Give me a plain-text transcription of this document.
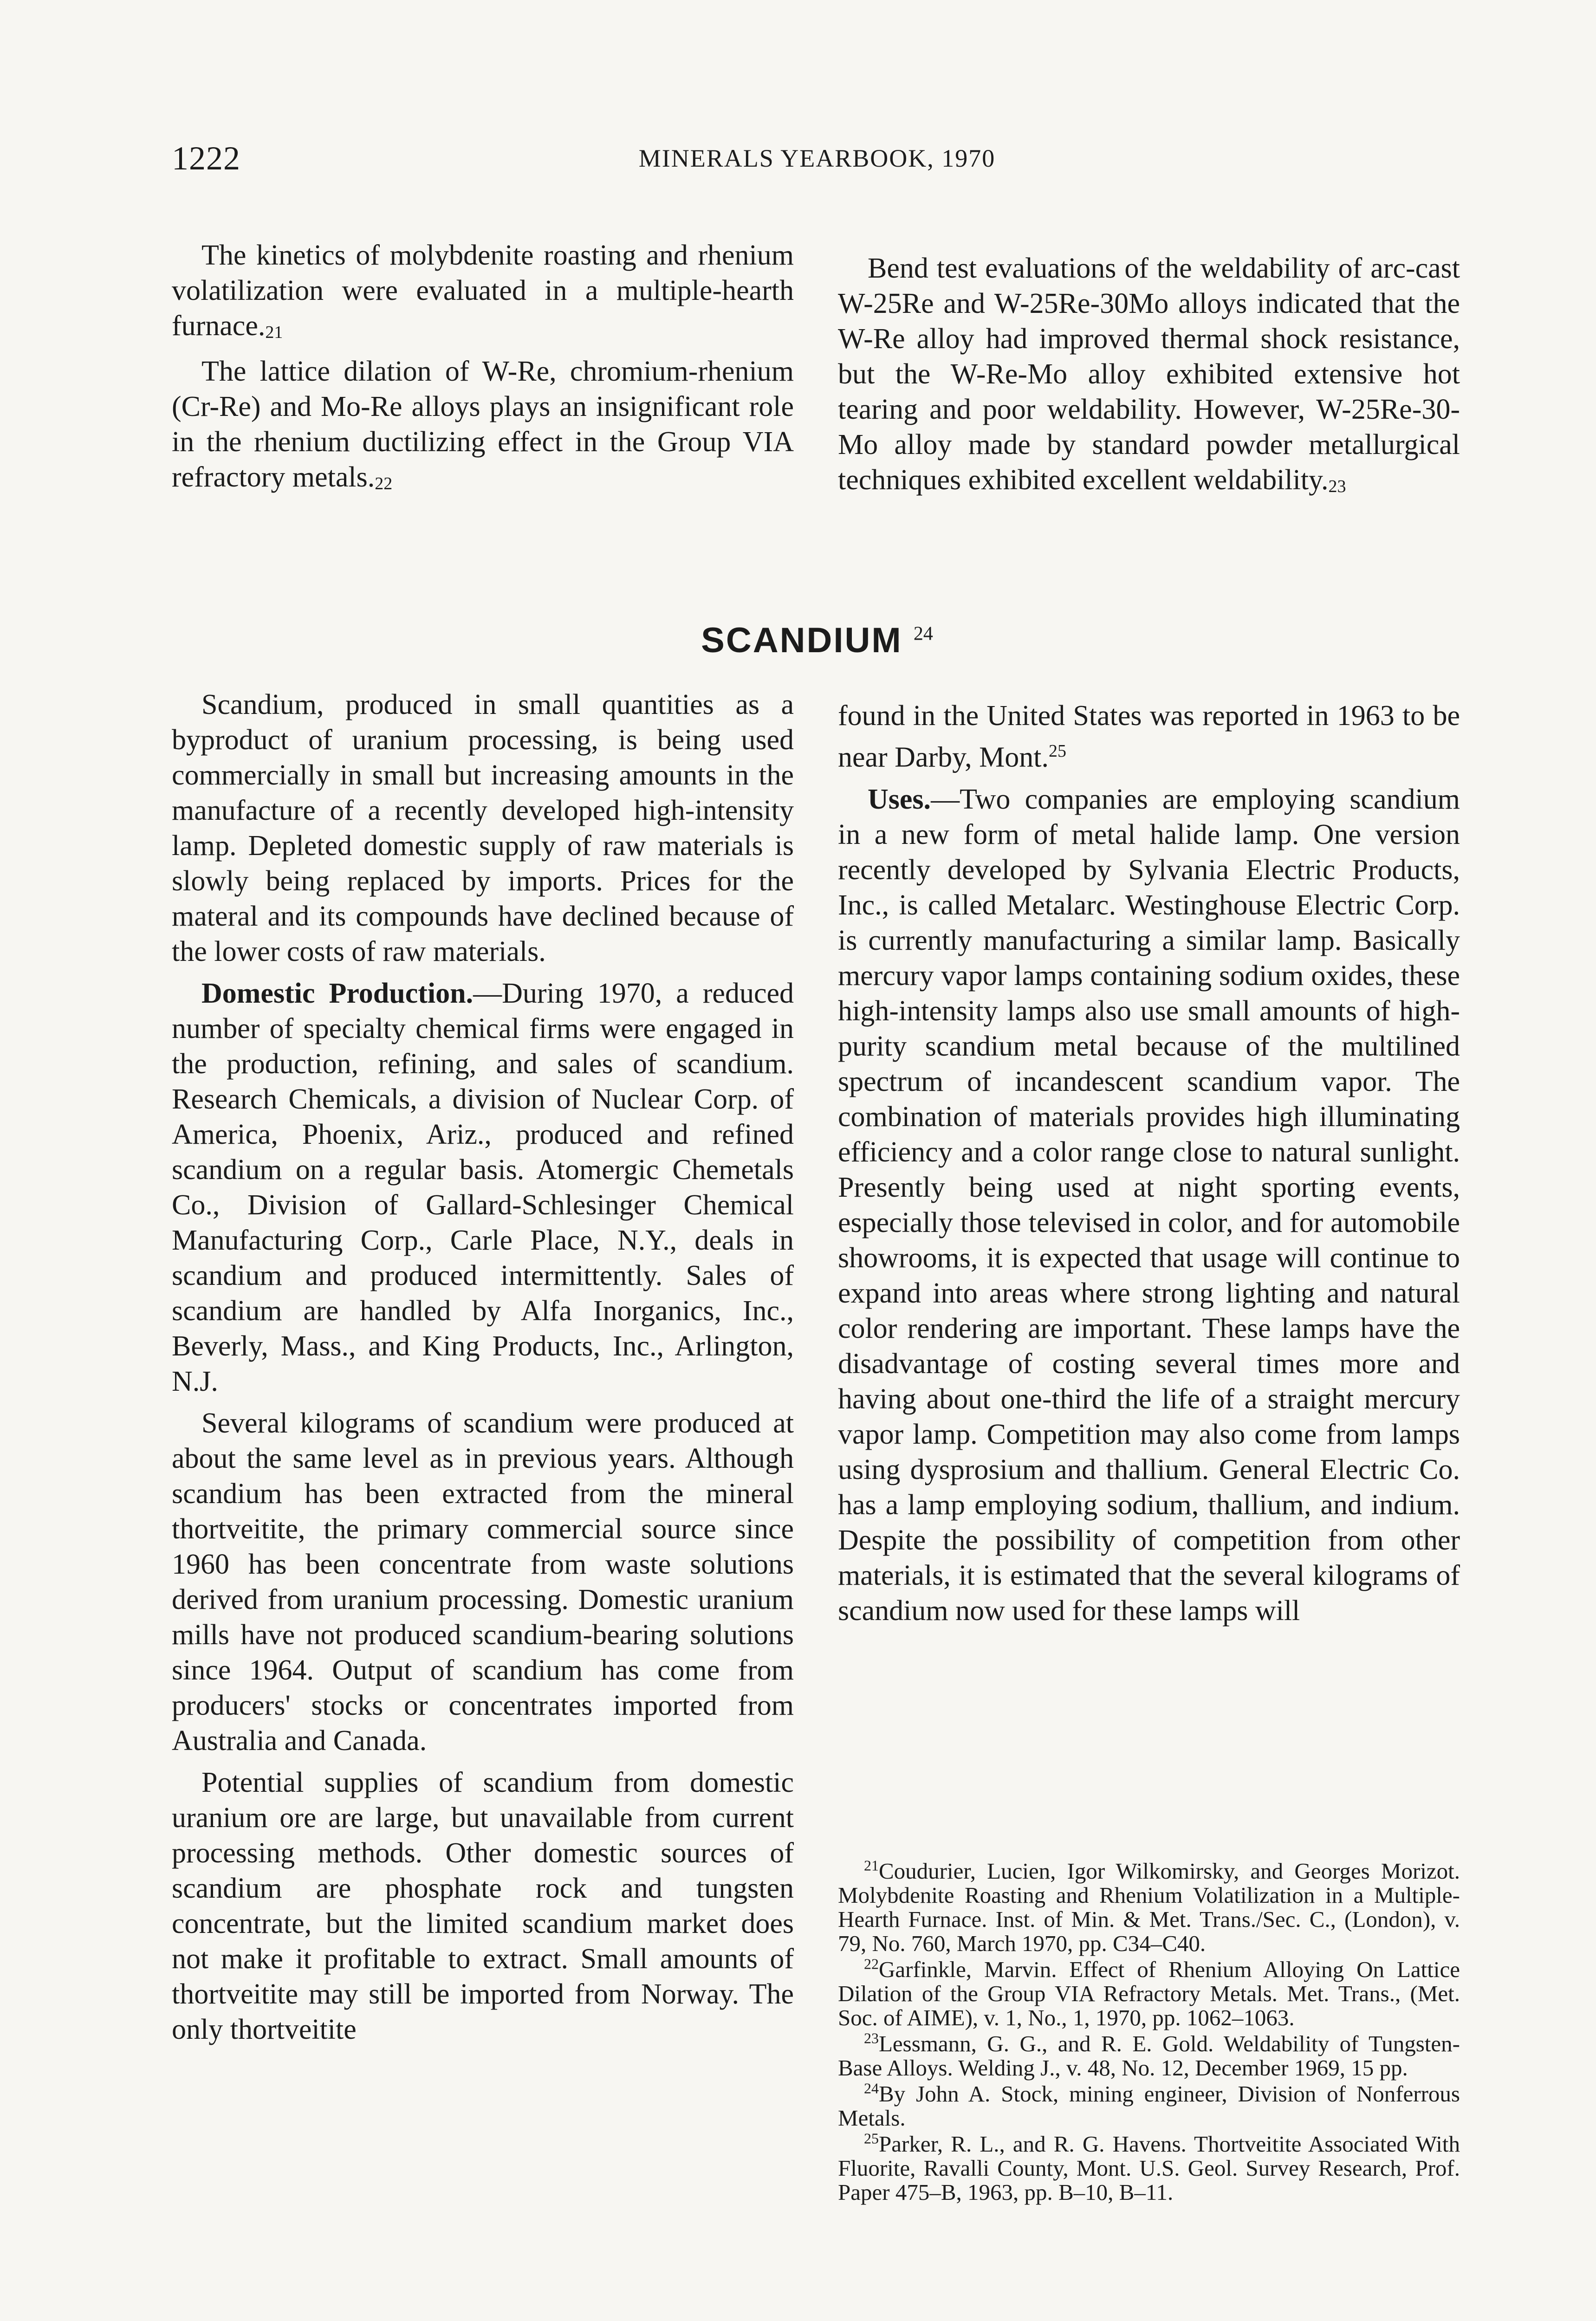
1222	MINERALS YEARBOOK, 1970

The kinetics of molybdenite roasting and rhenium volatilization were evaluated in a multiple-hearth furnace.21

The lattice dilation of W-Re, chromium-rhenium (Cr-Re) and Mo-Re alloys plays an insignificant role in the rhenium ductilizing effect in the Group VIA refractory metals.22

Bend test evaluations of the weldability of arc-cast W-25Re and W-25Re-30Mo alloys indicated that the W-Re alloy had improved thermal shock resistance, but the W-Re-Mo alloy exhibited extensive hot tearing and poor weldability. However, W-25Re-30-Mo alloy made by standard powder metallurgical techniques exhibited excellent weldability.23

SCANDIUM $^{24}$

Scandium, produced in small quantities as a byproduct of uranium processing, is being used commercially in small but increasing amounts in the manufacture of a recently developed high-intensity lamp. Depleted domestic supply of raw materials is slowly being replaced by imports. Prices for the materal and its compounds have declined because of the lower costs of raw materials.

Domestic Production.—During 1970, a reduced number of specialty chemical firms were engaged in the production, refining, and sales of scandium. Research Chemicals, a division of Nuclear Corp. of America, Phoenix, Ariz., produced and refined scandium on a regular basis. Atomergic Chemetals Co., Division of Gallard-Schlesinger Chemical Manufacturing Corp., Carle Place, N.Y., deals in scandium and produced intermittently. Sales of scandium are handled by Alfa Inorganics, Inc., Beverly, Mass., and King Products, Inc., Arlington, N.J.

Several kilograms of scandium were produced at about the same level as in previous years. Although scandium has been extracted from the mineral thortveitite, the primary commercial source since 1960 has been concentrate from waste solutions derived from uranium processing. Domestic uranium mills have not produced scandium-bearing solutions since 1964. Output of scandium has come from producers' stocks or concentrates imported from Australia and Canada.

Potential supplies of scandium from domestic uranium ore are large, but unavailable from current processing methods. Other domestic sources of scandium are phosphate rock and tungsten concentrate, but the limited scandium market does not make it profitable to extract. Small amounts of thortveitite may still be imported from Norway. The only thortveitite

found in the United States was reported in 1963 to be near Darby, Mont.$^{25}$

Uses.—Two companies are employing scandium in a new form of metal halide lamp. One version recently developed by Sylvania Electric Products, Inc., is called Metalarc. Westinghouse Electric Corp. is currently manufacturing a similar lamp. Basically mercury vapor lamps containing sodium oxides, these high-intensity lamps also use small amounts of high-purity scandium metal because of the multilined spectrum of incandescent scandium vapor. The combination of materials provides high illuminating efficiency and a color range close to natural sunlight. Presently being used at night sporting events, especially those televised in color, and for automobile showrooms, it is expected that usage will continue to expand into areas where strong lighting and natural color rendering are important. These lamps have the disadvantage of costing several times more and having about one-third the life of a straight mercury vapor lamp. Competition may also come from lamps using dysprosium and thallium. General Electric Co. has a lamp employing sodium, thallium, and indium. Despite the possibility of competition from other materials, it is estimated that the several kilograms of scandium now used for these lamps will

$^{21}$Coudurier, Lucien, Igor Wilkomirsky, and Georges Morizot. Molybdenite Roasting and Rhenium Volatilization in a Multiple-Hearth Furnace. Inst. of Min. & Met. Trans./Sec. C., (London), v. 79, No. 760, March 1970, pp. C34–C40.

$^{22}$Garfinkle, Marvin. Effect of Rhenium Alloying On Lattice Dilation of the Group VIA Refractory Metals. Met. Trans., (Met. Soc. of AIME), v. 1, No., 1, 1970, pp. 1062–1063.

$^{23}$Lessmann, G. G., and R. E. Gold. Weldability of Tungsten-Base Alloys. Welding J., v. 48, No. 12, December 1969, 15 pp.

$^{24}$By John A. Stock, mining engineer, Division of Nonferrous Metals.

$^{25}$Parker, R. L., and R. G. Havens. Thortveitite Associated With Fluorite, Ravalli County, Mont. U.S. Geol. Survey Research, Prof. Paper 475–B, 1963, pp. B–10, B–11.
